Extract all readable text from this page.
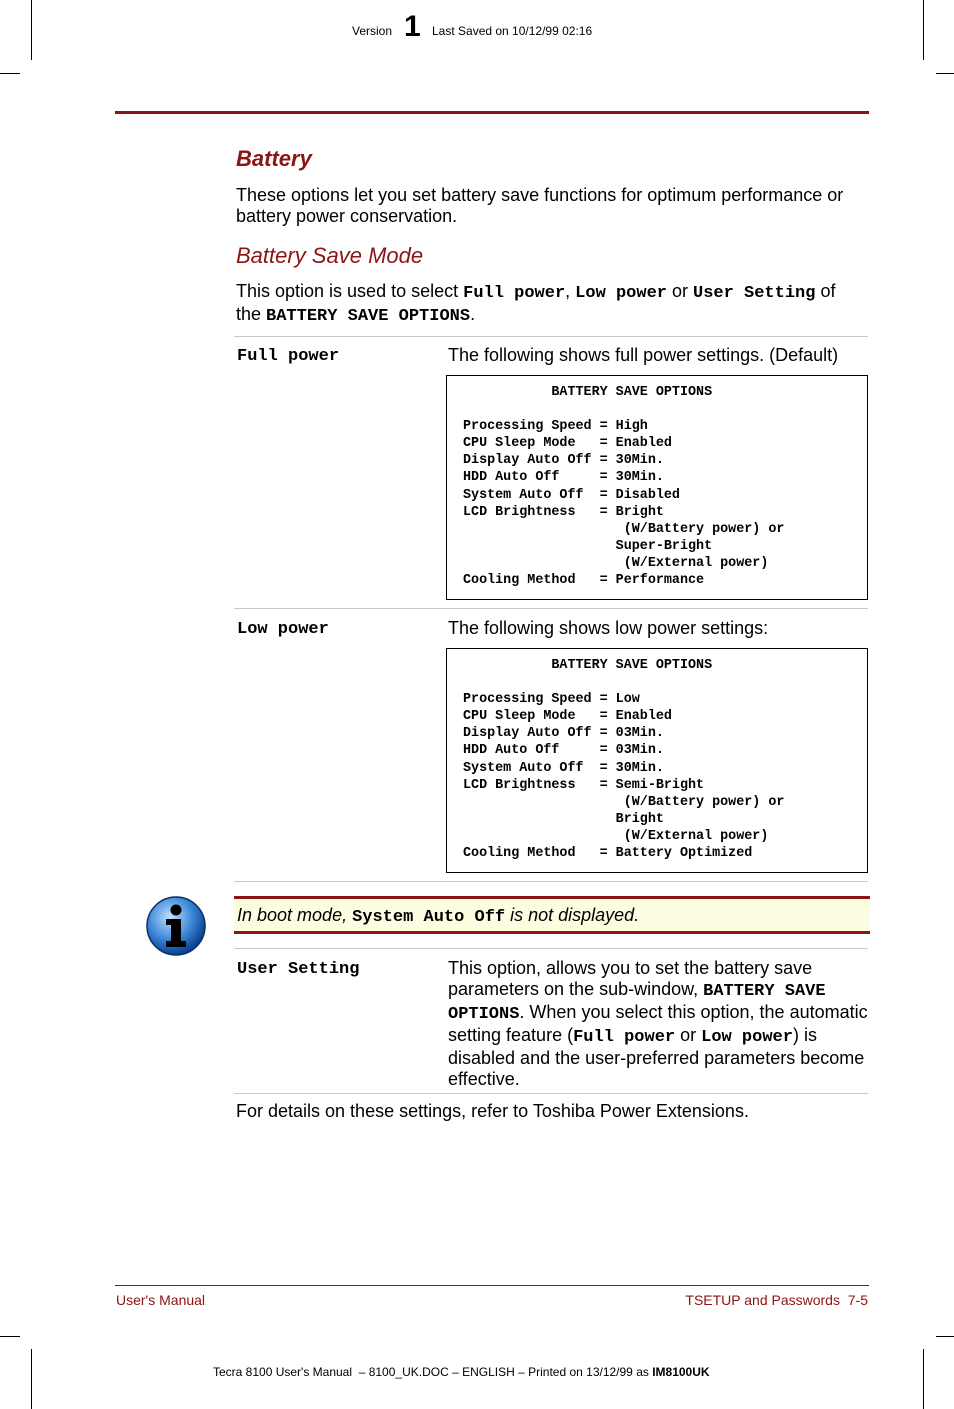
Version 1 Last Saved on 10/12/99 02:16
Battery
These options let you set battery save functions for optimum performance or battery power conservation.
Battery Save Mode
This option is used to select Full power, Low power or User Setting of the BATTERY SAVE OPTIONS.
Full power	The following shows full power settings. (Default)
BATTERY SAVE OPTIONS

Processing Speed = High
CPU Sleep Mode   = Enabled
Display Auto Off = 30Min.
HDD Auto Off     = 30Min.
System Auto Off  = Disabled
LCD Brightness   = Bright
(W/Battery power) or
Super-Bright
(W/External power)
Cooling Method   = Performance
Low power	The following shows low power settings:
BATTERY SAVE OPTIONS

Processing Speed = Low
CPU Sleep Mode   = Enabled
Display Auto Off = 03Min.
HDD Auto Off     = 03Min.
System Auto Off  = 30Min.
LCD Brightness   = Semi-Bright
(W/Battery power) or
Bright
(W/External power)
Cooling Method   = Battery Optimized
In boot mode, System Auto Off is not displayed.
User Setting	This option, allows you to set the battery save parameters on the sub-window, BATTERY SAVE OPTIONS. When you select this option, the automatic setting feature (Full power or Low power) is disabled and the user-preferred parameters become effective.
For details on these settings, refer to Toshiba Power Extensions.
User's Manual	TSETUP and Passwords  7-5
Tecra 8100 User's Manual  – 8100_UK.DOC – ENGLISH – Printed on 13/12/99 as IM8100UK
